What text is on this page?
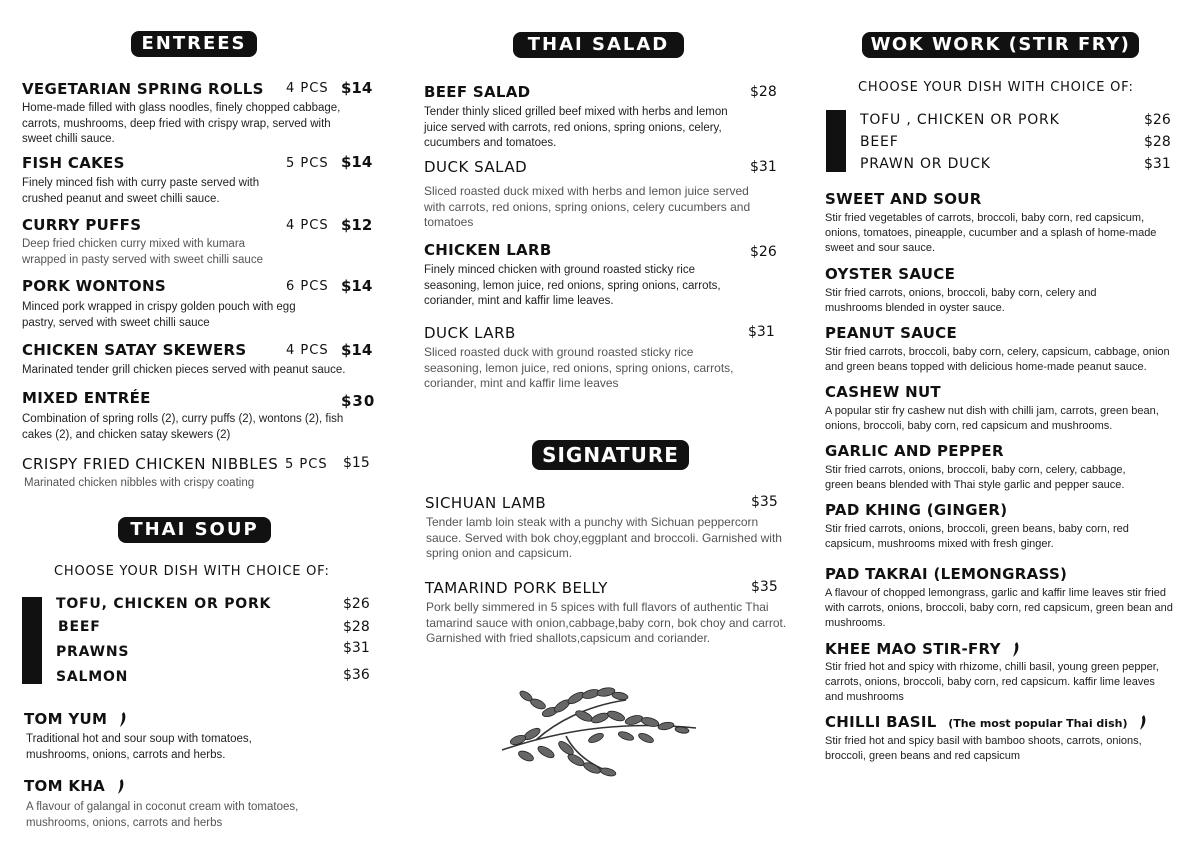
ENTREES
VEGETARIAN SPRING ROLLS 4 PCS $14
Home-made filled with glass noodles, finely chopped cabbage, carrots, mushrooms, deep fried with crispy wrap, served with sweet chilli sauce.
FISH CAKES	5 PCS $14
Finely minced fish with curry paste served with crushed peanut and sweet chilli sauce.
CURRY PUFFS	4 PCS $12
Deep fried chicken curry mixed with kumara wrapped in pasty served with sweet chilli sauce
PORK WONTONS	6 PCS $14
Minced pork wrapped in crispy golden pouch with egg pastry, served with sweet chilli sauce
CHICKEN SATAY SKEWERS	4 PCS $14
Marinated tender grill chicken pieces served with peanut sauce.
MIXED ENTRÉE	$30
Combination of spring rolls (2), curry puffs (2), wontons (2), fish cakes (2), and chicken satay skewers (2)
CRISPY FRIED CHICKEN NIBBLES 5 PCS $15
Marinated chicken nibbles with crispy coating
THAI SOUP
CHOOSE YOUR DISH WITH CHOICE OF:
TOFU, CHICKEN OR PORK	$26
BEEF	$28
PRAWNS	$31
SALMON	$36
TOM YUM
Traditional hot and sour soup with tomatoes, mushrooms, onions, carrots and herbs.
TOM KHA
A flavour of galangal in coconut cream with tomatoes, mushrooms, onions, carrots and herbs
THAI SALAD
BEEF SALAD	$28
Tender thinly sliced grilled beef mixed with herbs and lemon juice served with carrots, red onions, spring onions, celery, cucumbers and tomatoes.
DUCK SALAD	$31
Sliced roasted duck mixed with herbs and lemon juice served with carrots, red onions, spring onions, celery cucumbers and tomatoes
CHICKEN LARB	$26
Finely minced chicken with ground roasted sticky rice seasoning, lemon juice, red onions, spring onions, carrots, coriander, mint and kaffir lime leaves.
DUCK LARB	$31
Sliced roasted duck with ground roasted sticky rice seasoning, lemon juice, red onions, spring onions, carrots, coriander, mint and kaffir lime leaves
SIGNATURE
SICHUAN LAMB	$35
Tender lamb loin steak with a punchy with Sichuan peppercorn sauce. Served with bok choy,eggplant and broccoli. Garnished with spring onion and capsicum.
TAMARIND PORK BELLY	$35
Pork belly simmered in 5 spices with full flavors of authentic Thai tamarind sauce with onion,cabbage,baby corn, bok choy and carrot. Garnished with fried shallots,capsicum and coriander.
WOK WORK (STIR FRY)
CHOOSE YOUR DISH WITH CHOICE OF:
TOFU , CHICKEN OR PORK	$26
BEEF	$28
PRAWN OR DUCK	$31
SWEET AND SOUR
Stir fried vegetables of carrots, broccoli, baby corn, red capsicum, onions, tomatoes, pineapple, cucumber and a splash of home-made sweet and sour sauce.
OYSTER SAUCE
Stir fried carrots, onions, broccoli, baby corn, celery and mushrooms blended in oyster sauce.
PEANUT SAUCE
Stir fried carrots, broccoli, baby corn, celery, capsicum, cabbage, onion and green beans topped with delicious home-made peanut sauce.
CASHEW NUT
A popular stir fry cashew nut dish with chilli jam, carrots, green bean, onions, broccoli, baby corn, red capsicum and mushrooms.
GARLIC AND PEPPER
Stir fried carrots, onions, broccoli, baby corn, celery, cabbage, green beans blended with Thai style garlic and pepper sauce.
PAD KHING (GINGER)
Stir fried carrots, onions, broccoli, green beans, baby corn, red capsicum, mushrooms mixed with fresh ginger.
PAD TAKRAI (LEMONGRASS)
A flavour of chopped lemongrass, garlic and kaffir lime leaves stir fried with carrots, onions, broccoli, baby corn, red capsicum, green bean and mushrooms.
KHEE MAO STIR-FRY
Stir fried hot and spicy with rhizome, chilli basil, young green pepper, carrots, onions, broccoli, baby corn, red capsicum. kaffir lime leaves and mushrooms
CHILLI BASIL (The most popular Thai dish)
Stir fried hot and spicy basil with bamboo shoots, carrots, onions, broccoli, green beans and red capsicum
